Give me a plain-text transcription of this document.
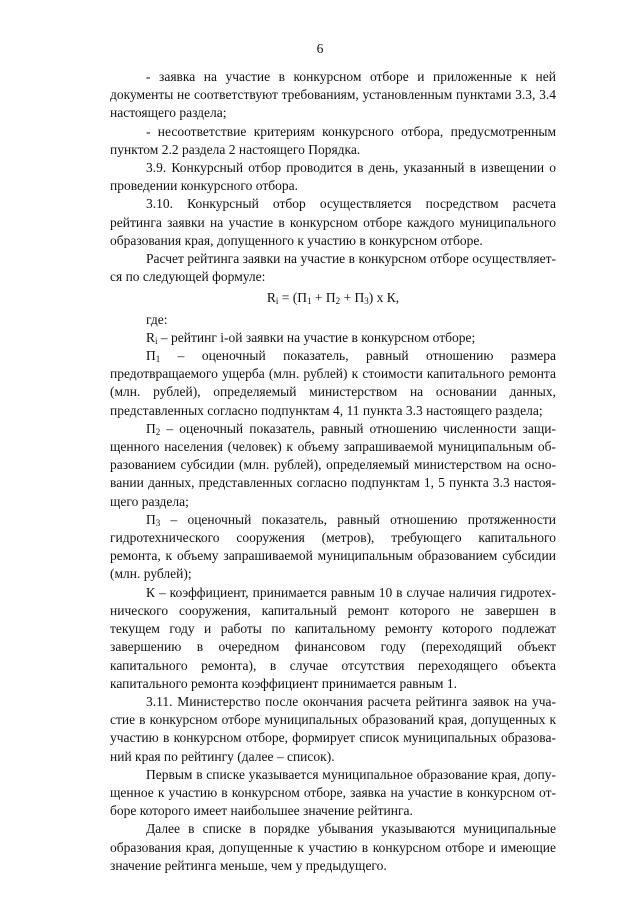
6

- заявка на участие в конкурсном отборе и приложенные к ней документы не соответствуют требованиям, установленным пунктами 3.3, 3.4 настоящего раздела;

- несоответствие критериям конкурсного отбора, предусмотренным пунктом 2.2 раздела 2 настоящего Порядка.

3.9. Конкурсный отбор проводится в день, указанный в извещении о проведении конкурсного отбора.

3.10. Конкурсный отбор осуществляется посредством расчета рейтинга заявки на участие в конкурсном отборе каждого муниципального образования края, допущенного к участию в конкурсном отборе.

Расчет рейтинга заявки на участие в конкурсном отборе осуществляется по следующей формуле:

$R_i = (П_1 + П_2 + П_3)$ х К,

где:

$R_i$ – рейтинг i-ой заявки на участие в конкурсном отборе;

$П_1$ – оценочный показатель, равный отношению размера предотвращаемого ущерба (млн. рублей) к стоимости капитального ремонта (млн. рублей), определяемый министерством на основании данных, представленных согласно подпунктам 4, 11 пункта 3.3 настоящего раздела;

$П_2$ – оценочный показатель, равный отношению численности защищенного населения (человек) к объему запрашиваемой муниципальным образованием субсидии (млн. рублей), определяемый министерством на основании данных, представленных согласно подпунктам 1, 5 пункта 3.3 настоящего раздела;

$П_3$ – оценочный показатель, равный отношению протяженности гидротехнического сооружения (метров), требующего капитального ремонта, к объему запрашиваемой муниципальным образованием субсидии (млн. рублей);

К – коэффициент, принимается равным 10 в случае наличия гидротехнического сооружения, капитальный ремонт которого не завершен в текущем году и работы по капитальному ремонту которого подлежат завершению в очередном финансовом году (переходящий объект капитального ремонта), в случае отсутствия переходящего объекта капитального ремонта коэффициент принимается равным 1.

3.11. Министерство после окончания расчета рейтинга заявок на участие в конкурсном отборе муниципальных образований края, допущенных к участию в конкурсном отборе, формирует список муниципальных образований края по рейтингу (далее – список).

Первым в списке указывается муниципальное образование края, допущенное к участию в конкурсном отборе, заявка на участие в конкурсном отборе которого имеет наибольшее значение рейтинга.

Далее в списке в порядке убывания указываются муниципальные образования края, допущенные к участию в конкурсном отборе и имеющие значение рейтинга меньше, чем у предыдущего.
